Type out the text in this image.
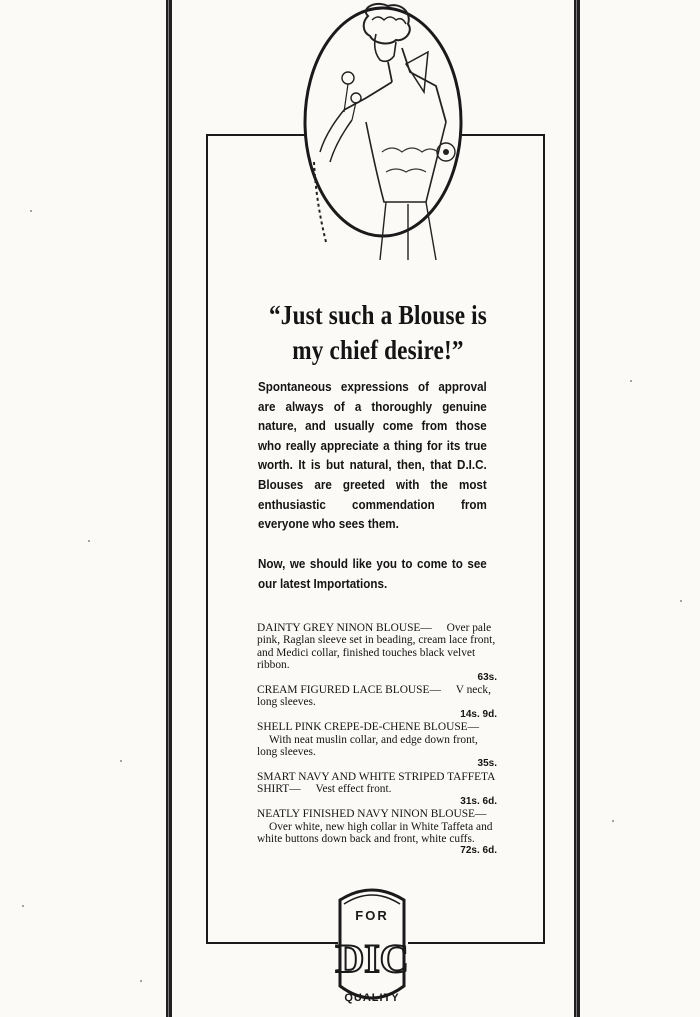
“Just such a Blouse is
my chief desire!”
Spontaneous expressions of approval are always of a thoroughly genuine nature, and usually come from those who really appreciate a thing for its true worth. It is but natural, then, that D.I.C. Blouses are greeted with the most enthusiastic commendation from everyone who sees them.
Now, we should like you to come to see our latest Importations.
DAINTY GREY NINON BLOUSE— Over pale pink, Raglan sleeve set in beading, cream lace front, and Medici collar, finished touches black velvet ribbon.
63s.
CREAM FIGURED LACE BLOUSE— V neck, long sleeves.
14s. 9d.
SHELL PINK CREPE-DE-CHENE BLOUSE— With neat muslin collar, and edge down front, long sleeves.
35s.
SMART NAVY AND WHITE STRIPED TAFFETA SHIRT— Vest effect front.
31s. 6d.
NEATLY FINISHED NAVY NINON BLOUSE— Over white, new high collar in White Taffeta and white buttons down back and front, white cuffs.
72s. 6d.
FOR
DIC
QUALITY
